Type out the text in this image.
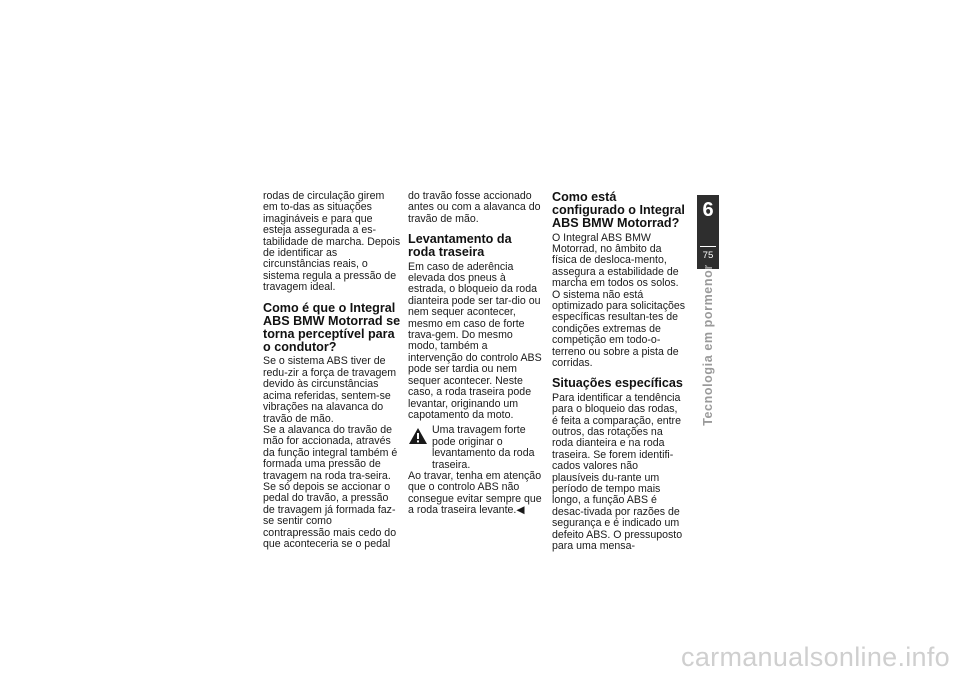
rodas de circulação girem em to-das as situações imagináveis e para que esteja assegurada a es-tabilidade de marcha. Depois de identificar as circunstâncias reais, o sistema regula a pressão de travagem ideal.

Como é que o Integral ABS BMW Motorrad se torna perceptível para o condutor?

Se o sistema ABS tiver de redu-zir a força de travagem devido às circunstâncias acima referidas, sentem-se vibrações na alavanca do travão de mão.

Se a alavanca do travão de mão for accionada, através da função integral também é formada uma pressão de travagem na roda tra-seira. Se só depois se accionar o pedal do travão, a pressão de travagem já formada faz-se sentir como contrapressão mais cedo do que aconteceria se o pedal

do travão fosse accionado antes ou com a alavanca do travão de mão.

Levantamento da roda traseira

Em caso de aderência elevada dos pneus à estrada, o bloqueio da roda dianteira pode ser tar-dio ou nem sequer acontecer, mesmo em caso de forte trava-gem. Do mesmo modo, também a intervenção do controlo ABS pode ser tardia ou nem sequer acontecer. Neste caso, a roda traseira pode levantar, originando um capotamento da moto.

Uma travagem forte pode originar o levantamento da roda traseira.

Ao travar, tenha em atenção que o controlo ABS não consegue evitar sempre que a roda traseira levante.◀

Como está configurado o Integral ABS BMW Motorrad?

O Integral ABS BMW Motorrad, no âmbito da física de desloca-mento, assegura a estabilidade de marcha em todos os solos. O sistema não está optimizado para solicitações específicas resultan-tes de condições extremas de competição em todo-o-terreno ou sobre a pista de corridas.

Situações específicas

Para identificar a tendência para o bloqueio das rodas, é feita a comparação, entre outros, das rotações na roda dianteira e na roda traseira. Se forem identifi-cados valores não plausíveis du-rante um período de tempo mais longo, a função ABS é desac-tivada por razões de segurança e é indicado um defeito ABS. O pressuposto para uma mensa-

6
75
Tecnologia em pormenor
carmanualsonline.info
